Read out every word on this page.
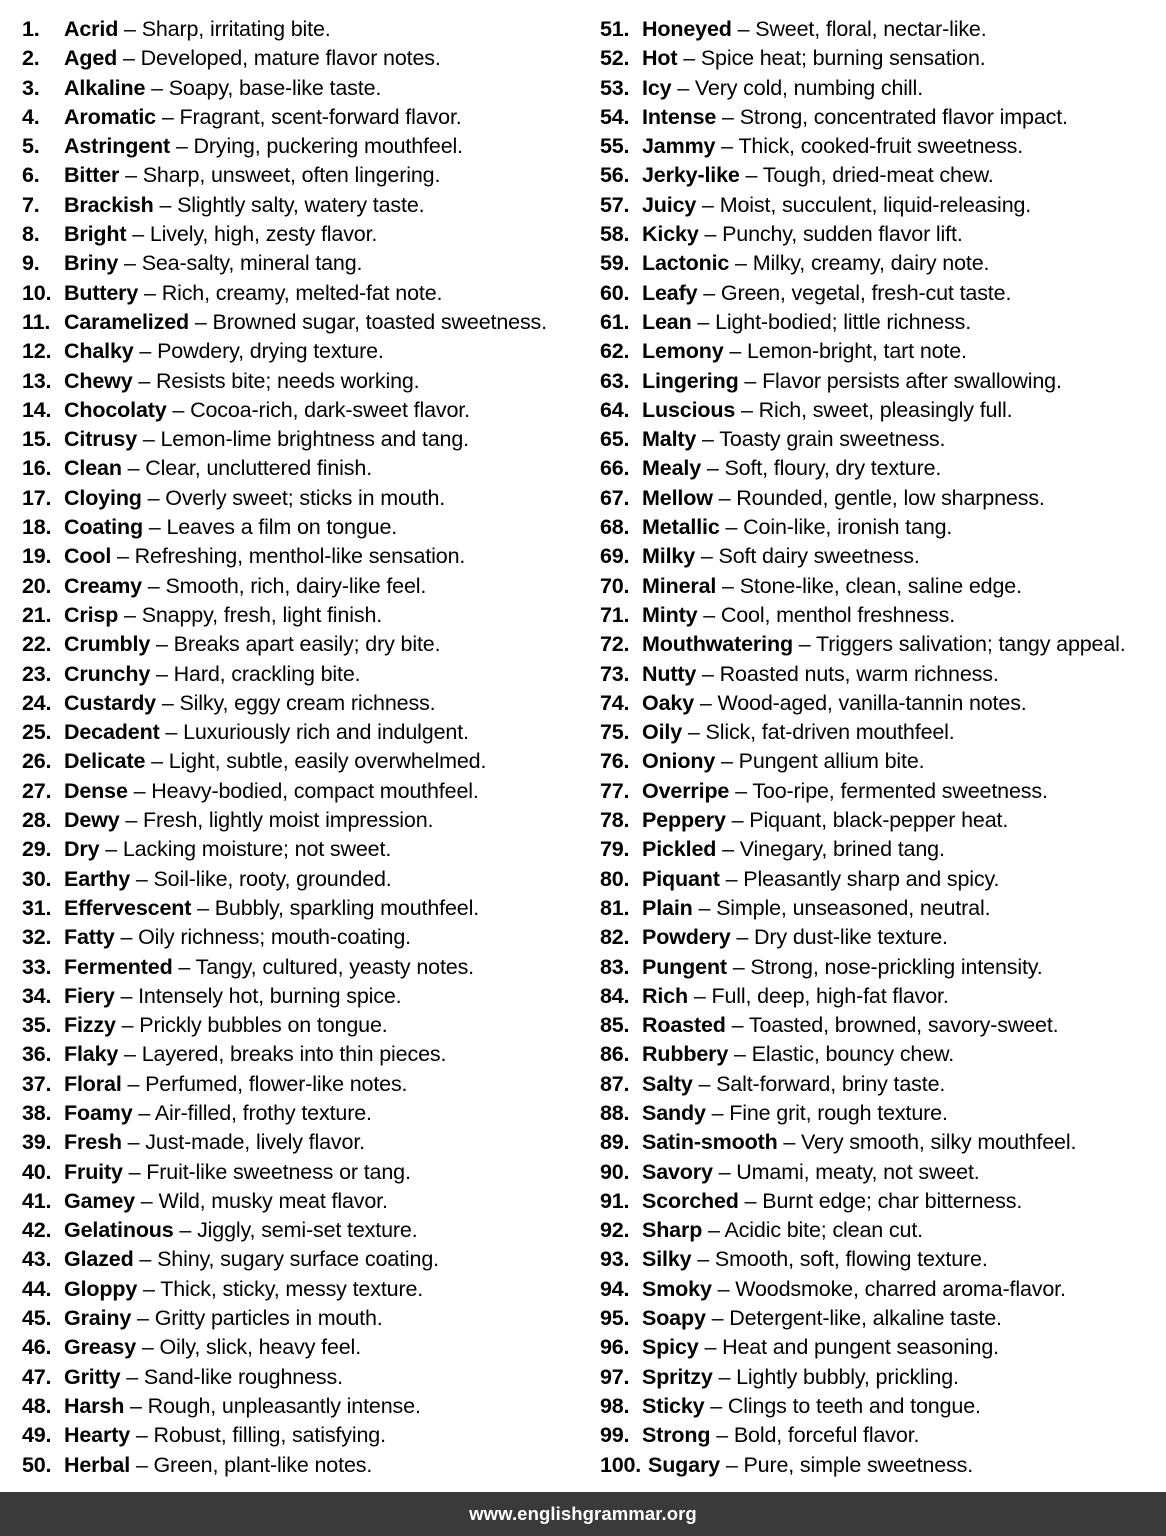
1.	Acrid – Sharp, irritating bite.
2.	Aged – Developed, mature flavor notes.
3.	Alkaline – Soapy, base-like taste.
4.	Aromatic – Fragrant, scent-forward flavor.
5.	Astringent – Drying, puckering mouthfeel.
6.	Bitter – Sharp, unsweet, often lingering.
7.	Brackish – Slightly salty, watery taste.
8.	Bright – Lively, high, zesty flavor.
9.	Briny – Sea-salty, mineral tang.
10. Buttery – Rich, creamy, melted-fat note.
11. Caramelized – Browned sugar, toasted sweetness.
12. Chalky – Powdery, drying texture.
13. Chewy – Resists bite; needs working.
14. Chocolaty – Cocoa-rich, dark-sweet flavor.
15. Citrusy – Lemon-lime brightness and tang.
16. Clean – Clear, uncluttered finish.
17. Cloying – Overly sweet; sticks in mouth.
18. Coating – Leaves a film on tongue.
19. Cool – Refreshing, menthol-like sensation.
20. Creamy – Smooth, rich, dairy-like feel.
21. Crisp – Snappy, fresh, light finish.
22. Crumbly – Breaks apart easily; dry bite.
23. Crunchy – Hard, crackling bite.
24. Custardy – Silky, eggy cream richness.
25. Decadent – Luxuriously rich and indulgent.
26. Delicate – Light, subtle, easily overwhelmed.
27. Dense – Heavy-bodied, compact mouthfeel.
28. Dewy – Fresh, lightly moist impression.
29. Dry – Lacking moisture; not sweet.
30. Earthy – Soil-like, rooty, grounded.
31. Effervescent – Bubbly, sparkling mouthfeel.
32. Fatty – Oily richness; mouth-coating.
33. Fermented – Tangy, cultured, yeasty notes.
34. Fiery – Intensely hot, burning spice.
35. Fizzy – Prickly bubbles on tongue.
36. Flaky – Layered, breaks into thin pieces.
37. Floral – Perfumed, flower-like notes.
38. Foamy – Air-filled, frothy texture.
39. Fresh – Just-made, lively flavor.
40. Fruity – Fruit-like sweetness or tang.
41. Gamey – Wild, musky meat flavor.
42. Gelatinous – Jiggly, semi-set texture.
43. Glazed – Shiny, sugary surface coating.
44. Gloppy – Thick, sticky, messy texture.
45. Grainy – Gritty particles in mouth.
46. Greasy – Oily, slick, heavy feel.
47. Gritty – Sand-like roughness.
48. Harsh – Rough, unpleasantly intense.
49. Hearty – Robust, filling, satisfying.
50. Herbal – Green, plant-like notes.
51. Honeyed – Sweet, floral, nectar-like.
52. Hot – Spice heat; burning sensation.
53. Icy – Very cold, numbing chill.
54. Intense – Strong, concentrated flavor impact.
55. Jammy – Thick, cooked-fruit sweetness.
56. Jerky-like – Tough, dried-meat chew.
57. Juicy – Moist, succulent, liquid-releasing.
58. Kicky – Punchy, sudden flavor lift.
59. Lactonic – Milky, creamy, dairy note.
60. Leafy – Green, vegetal, fresh-cut taste.
61. Lean – Light-bodied; little richness.
62. Lemony – Lemon-bright, tart note.
63. Lingering – Flavor persists after swallowing.
64. Luscious – Rich, sweet, pleasingly full.
65. Malty – Toasty grain sweetness.
66. Mealy – Soft, floury, dry texture.
67. Mellow – Rounded, gentle, low sharpness.
68. Metallic – Coin-like, ironish tang.
69. Milky – Soft dairy sweetness.
70. Mineral – Stone-like, clean, saline edge.
71. Minty – Cool, menthol freshness.
72. Mouthwatering – Triggers salivation; tangy appeal.
73. Nutty – Roasted nuts, warm richness.
74. Oaky – Wood-aged, vanilla-tannin notes.
75. Oily – Slick, fat-driven mouthfeel.
76. Oniony – Pungent allium bite.
77. Overripe – Too-ripe, fermented sweetness.
78. Peppery – Piquant, black-pepper heat.
79. Pickled – Vinegary, brined tang.
80. Piquant – Pleasantly sharp and spicy.
81. Plain – Simple, unseasoned, neutral.
82. Powdery – Dry dust-like texture.
83. Pungent – Strong, nose-prickling intensity.
84. Rich – Full, deep, high-fat flavor.
85. Roasted – Toasted, browned, savory-sweet.
86. Rubbery – Elastic, bouncy chew.
87. Salty – Salt-forward, briny taste.
88. Sandy – Fine grit, rough texture.
89. Satin-smooth – Very smooth, silky mouthfeel.
90. Savory – Umami, meaty, not sweet.
91. Scorched – Burnt edge; char bitterness.
92. Sharp – Acidic bite; clean cut.
93. Silky – Smooth, soft, flowing texture.
94. Smoky – Woodsmoke, charred aroma-flavor.
95. Soapy – Detergent-like, alkaline taste.
96. Spicy – Heat and pungent seasoning.
97. Spritzy – Lightly bubbly, prickling.
98. Sticky – Clings to teeth and tongue.
99. Strong – Bold, forceful flavor.
100. Sugary – Pure, simple sweetness.
www.englishgrammar.org
